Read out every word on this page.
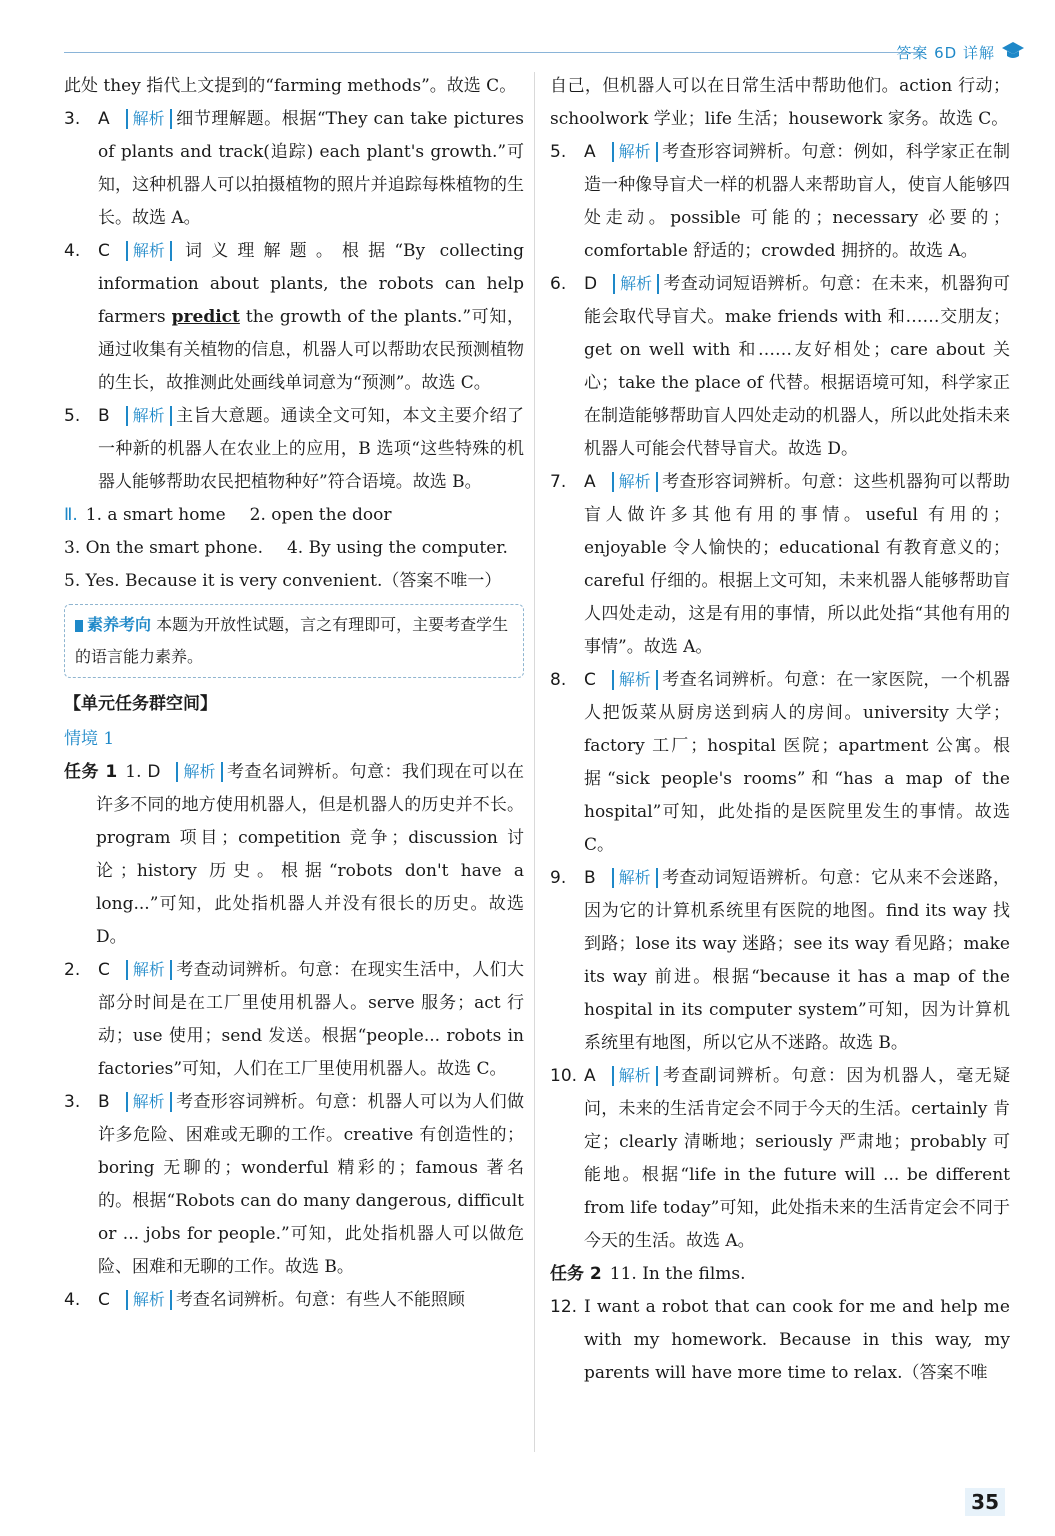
答案 6D 详解

此处 they 指代上文提到的“farming methods”。故选 C。

3. A 解析 细节理解题。根据“They can take pictures of plants and track(追踪) each plant's growth.”可知，这种机器人可以拍摄植物的照片并追踪每株植物的生长。故选 A。

4. C 解析 词义理解题。根据“By collecting information about plants, the robots can help farmers predict the growth of the plants.”可知，通过收集有关植物的信息，机器人可以帮助农民预测植物的生长，故推测此处画线单词意为“预测”。故选 C。

5. B 解析 主旨大意题。通读全文可知，本文主要介绍了一种新的机器人在农业上的应用，B 选项“这些特殊的机器人能够帮助农民把植物种好”符合语境。故选 B。

Ⅱ. 1. a smart home 2. open the door

3. On the smart phone. 4. By using the computer.

5. Yes. Because it is very convenient.（答案不唯一）

素养考向 本题为开放性试题，言之有理即可，主要考查学生的语言能力素养。

【单元任务群空间】

情境 1

任务 1 1. D 解析 考查名词辨析。句意：我们现在可以在许多不同的地方使用机器人，但是机器人的历史并不长。program 项目；competition 竞争；discussion 讨论；history 历史。根据“robots don't have a long...”可知，此处指机器人并没有很长的历史。故选 D。

2. C 解析 考查动词辨析。句意：在现实生活中，人们大部分时间是在工厂里使用机器人。serve 服务；act 行动；use 使用；send 发送。根据“people... robots in factories”可知，人们在工厂里使用机器人。故选 C。

3. B 解析 考查形容词辨析。句意：机器人可以为人们做许多危险、困难或无聊的工作。creative 有创造性的；boring 无聊的；wonderful 精彩的；famous 著名的。根据“Robots can do many dangerous, difficult or ... jobs for people.”可知，此处指机器人可以做危险、困难和无聊的工作。故选 B。

4. C 解析 考查名词辨析。句意：有些人不能照顾

自己，但机器人可以在日常生活中帮助他们。action 行动；schoolwork 学业；life 生活；housework 家务。故选 C。

5. A 解析 考查形容词辨析。句意：例如，科学家正在制造一种像导盲犬一样的机器人来帮助盲人，使盲人能够四处走动。possible 可能的；necessary 必要的；comfortable 舒适的；crowded 拥挤的。故选 A。

6. D 解析 考查动词短语辨析。句意：在未来，机器狗可能会取代导盲犬。make friends with 和……交朋友；get on well with 和……友好相处；care about 关心；take the place of 代替。根据语境可知，科学家正在制造能够帮助盲人四处走动的机器人，所以此处指未来机器人可能会代替导盲犬。故选 D。

7. A 解析 考查形容词辨析。句意：这些机器狗可以帮助盲人做许多其他有用的事情。useful 有用的；enjoyable 令人愉快的；educational 有教育意义的；careful 仔细的。根据上文可知，未来机器人能够帮助盲人四处走动，这是有用的事情，所以此处指“其他有用的事情”。故选 A。

8. C 解析 考查名词辨析。句意：在一家医院，一个机器人把饭菜从厨房送到病人的房间。university 大学；factory 工厂；hospital 医院；apartment 公寓。根据“sick people's rooms”和“has a map of the hospital”可知，此处指的是医院里发生的事情。故选 C。

9. B 解析 考查动词短语辨析。句意：它从来不会迷路，因为它的计算机系统里有医院的地图。find its way 找到路；lose its way 迷路；see its way 看见路；make its way 前进。根据“because it has a map of the hospital in its computer system”可知，因为计算机系统里有地图，所以它从不迷路。故选 B。

10. A 解析 考查副词辨析。句意：因为机器人，毫无疑问，未来的生活肯定会不同于今天的生活。certainly 肯定；clearly 清晰地；seriously 严肃地；probably 可能地。根据“life in the future will ... be different from life today”可知，此处指未来的生活肯定会不同于今天的生活。故选 A。

任务 2 11. In the films.

12. I want a robot that can cook for me and help me with my homework. Because in this way, my parents will have more time to relax.（答案不唯

35
